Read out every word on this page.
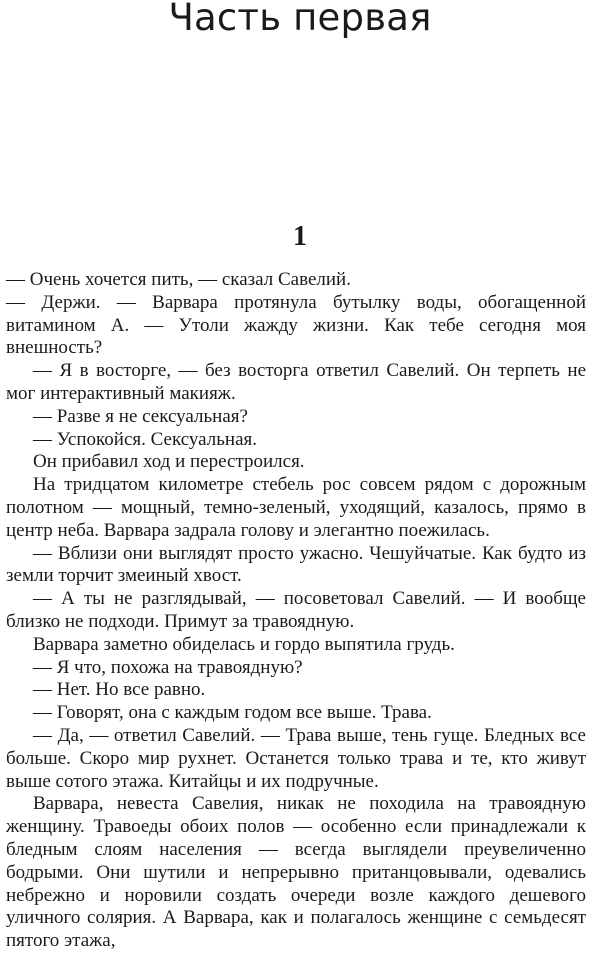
Часть первая
1

— Очень хочется пить, — сказал Савелий.

— Держи. — Варвара протянула бутылку воды, обогащенной витамином А. — Утоли жажду жизни. Как тебе сегодня моя внешность?

— Я в восторге, — без восторга ответил Савелий. Он терпеть не мог интерактивный макияж.

— Разве я не сексуальная?

— Успокойся. Сексуальная.

Он прибавил ход и перестроился.

На тридцатом километре стебель рос совсем рядом с дорожным полотном — мощный, темно-зеленый, уходящий, казалось, прямо в центр неба. Варвара задрала голову и элегантно поежилась.

— Вблизи они выглядят просто ужасно. Чешуйчатые. Как будто из земли торчит змеиный хвост.

— А ты не разглядывай, — посоветовал Савелий. — И вообще близко не подходи. Примут за травоядную.

Варвара заметно обиделась и гордо выпятила грудь.

— Я что, похожа на травоядную?

— Нет. Но все равно.

— Говорят, она с каждым годом все выше. Трава.

— Да, — ответил Савелий. — Трава выше, тень гуще. Бледных все больше. Скоро мир рухнет. Останется только трава и те, кто живут выше сотого этажа. Китайцы и их подручные.

Варвара, невеста Савелия, никак не походила на травоядную женщину. Травоеды обоих полов — особенно если принадлежали к бледным слоям населения — всегда выглядели преувеличенно бодрыми. Они шутили и непрерывно пританцовывали, одевались небрежно и норовили создать очереди возле каждого дешевого уличного солярия. А Варвара, как и полагалось женщине с семьдесят пятого этажа,
